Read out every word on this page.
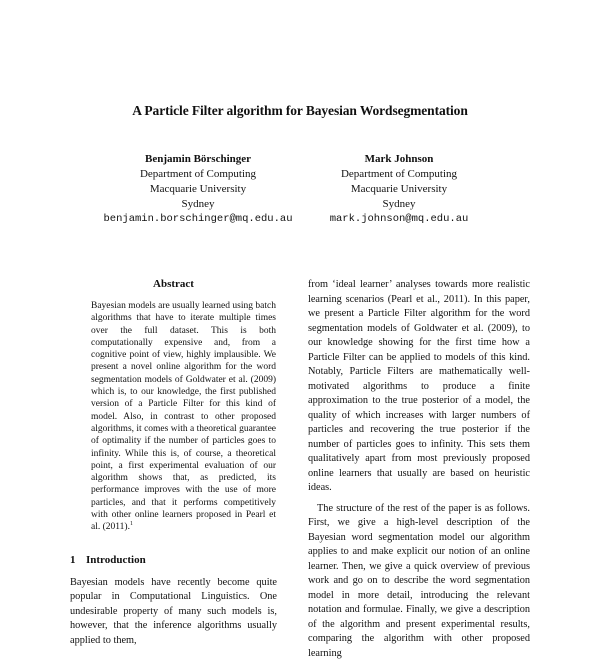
A Particle Filter algorithm for Bayesian Wordsegmentation
Benjamin Börschinger
Department of Computing
Macquarie University
Sydney
benjamin.borschinger@mq.edu.au
Mark Johnson
Department of Computing
Macquarie University
Sydney
mark.johnson@mq.edu.au
Abstract

Bayesian models are usually learned using batch algorithms that have to iterate multiple times over the full dataset. This is both computationally expensive and, from a cognitive point of view, highly implausible. We present a novel online algorithm for the word segmentation models of Goldwater et al. (2009) which is, to our knowledge, the first published version of a Particle Filter for this kind of model. Also, in contrast to other proposed algorithms, it comes with a theoretical guarantee of optimality if the number of particles goes to infinity. While this is, of course, a theoretical point, a first experimental evaluation of our algorithm shows that, as predicted, its performance improves with the use of more particles, and that it performs competitively with other online learners proposed in Pearl et al. (2011).$^1$

1 Introduction

Bayesian models have recently become quite popular in Computational Linguistics. One undesirable property of many such models is, however, that the inference algorithms usually applied to them,

from ‘ideal learner’ analyses towards more realistic learning scenarios (Pearl et al., 2011). In this paper, we present a Particle Filter algorithm for the word segmentation models of Goldwater et al. (2009), to our knowledge showing for the first time how a Particle Filter can be applied to models of this kind. Notably, Particle Filters are mathematically well-motivated algorithms to produce a finite approximation to the true posterior of a model, the quality of which increases with larger numbers of particles and recovering the true posterior if the number of particles goes to infinity. This sets them qualitatively apart from most previously proposed online learners that usually are based on heuristic ideas.

The structure of the rest of the paper is as follows. First, we give a high-level description of the Bayesian word segmentation model our algorithm applies to and make explicit our notion of an online learner. Then, we give a quick overview of previous work and go on to describe the word segmentation model in more detail, introducing the relevant notation and formulae. Finally, we give a description of the algorithm and present experimental results, comparing the algorithm with other proposed learning
